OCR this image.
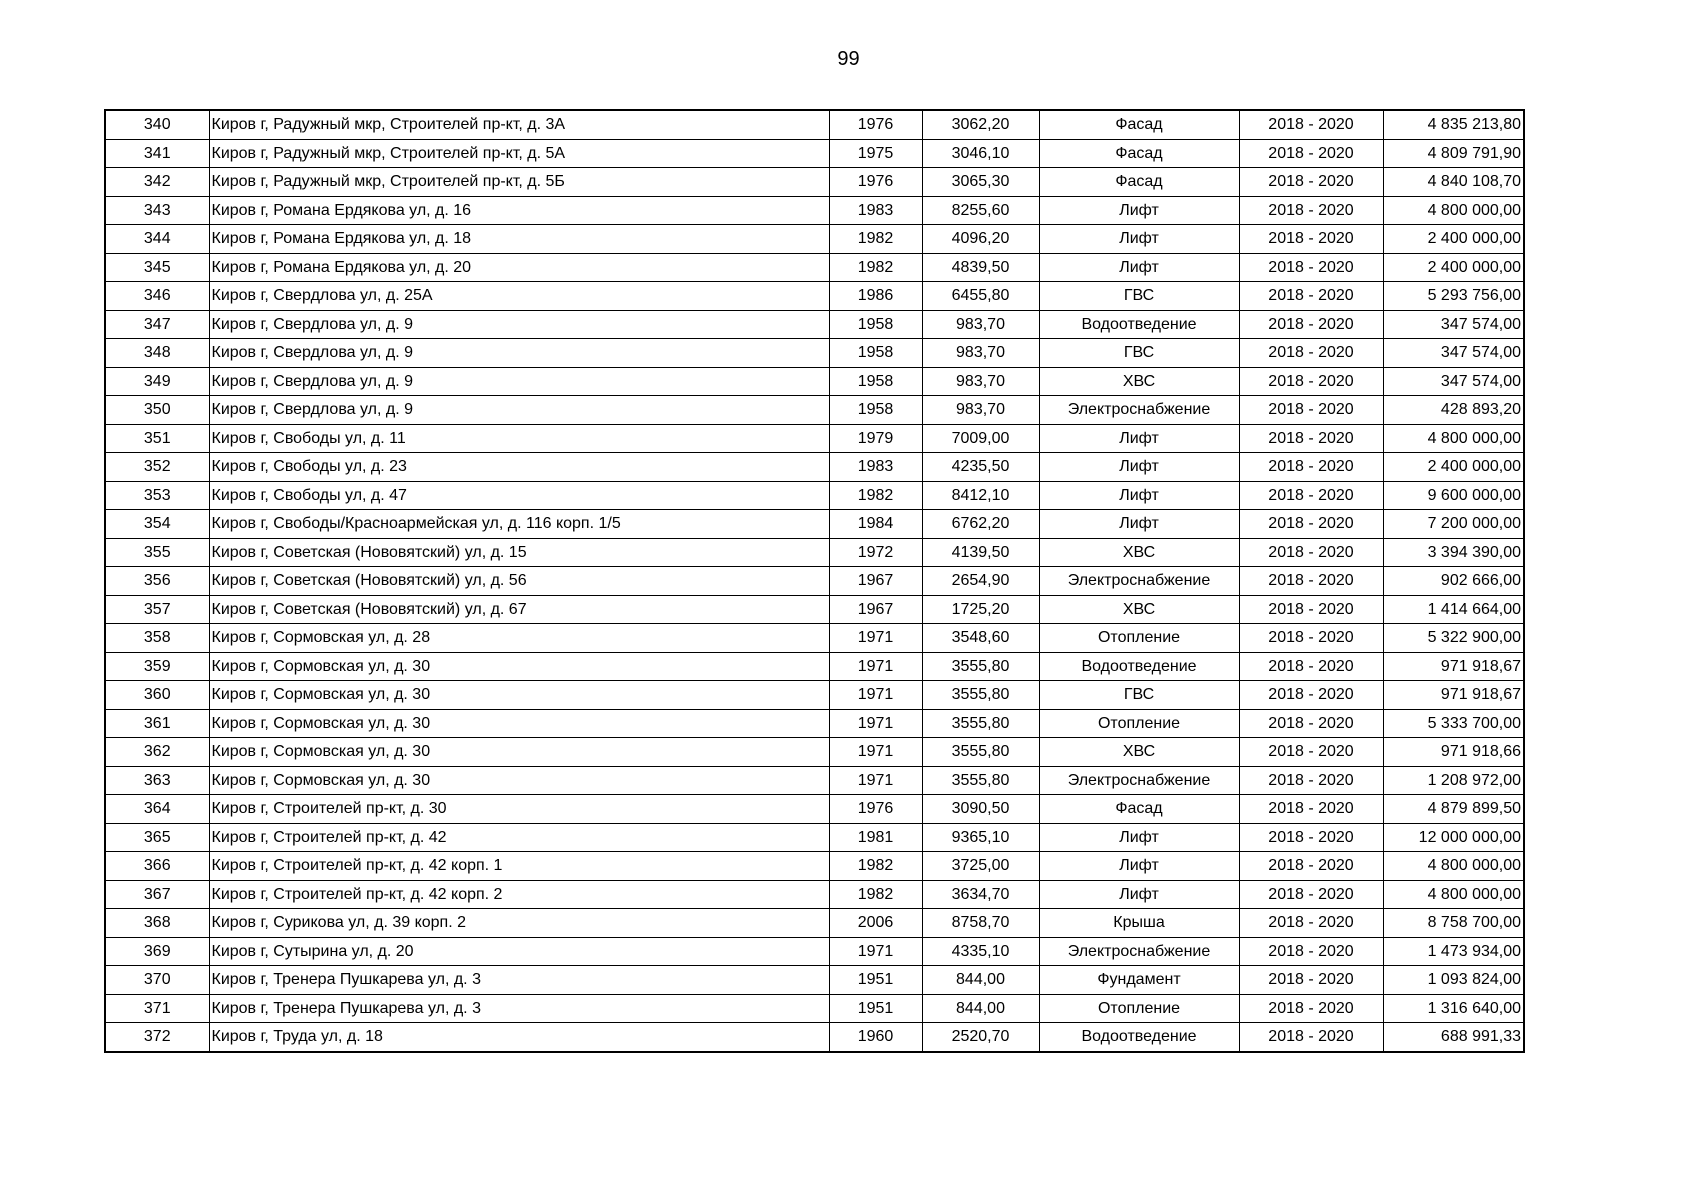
99
340	Киров г, Радужный мкр, Строителей пр-кт, д. 3А	1976	3062,20	Фасад	2018 - 2020	4 835 213,80
341	Киров г, Радужный мкр, Строителей пр-кт, д. 5А	1975	3046,10	Фасад	2018 - 2020	4 809 791,90
342	Киров г, Радужный мкр, Строителей пр-кт, д. 5Б	1976	3065,30	Фасад	2018 - 2020	4 840 108,70
343	Киров г, Романа Ердякова ул, д. 16	1983	8255,60	Лифт	2018 - 2020	4 800 000,00
344	Киров г, Романа Ердякова ул, д. 18	1982	4096,20	Лифт	2018 - 2020	2 400 000,00
345	Киров г, Романа Ердякова ул, д. 20	1982	4839,50	Лифт	2018 - 2020	2 400 000,00
346	Киров г, Свердлова ул, д. 25А	1986	6455,80	ГВС	2018 - 2020	5 293 756,00
347	Киров г, Свердлова ул, д. 9	1958	983,70	Водоотведение	2018 - 2020	347 574,00
348	Киров г, Свердлова ул, д. 9	1958	983,70	ГВС	2018 - 2020	347 574,00
349	Киров г, Свердлова ул, д. 9	1958	983,70	ХВС	2018 - 2020	347 574,00
350	Киров г, Свердлова ул, д. 9	1958	983,70	Электроснабжение	2018 - 2020	428 893,20
351	Киров г, Свободы ул, д. 11	1979	7009,00	Лифт	2018 - 2020	4 800 000,00
352	Киров г, Свободы ул, д. 23	1983	4235,50	Лифт	2018 - 2020	2 400 000,00
353	Киров г, Свободы ул, д. 47	1982	8412,10	Лифт	2018 - 2020	9 600 000,00
354	Киров г, Свободы/Красноармейская ул, д. 116 корп. 1/5	1984	6762,20	Лифт	2018 - 2020	7 200 000,00
355	Киров г, Советская (Нововятский) ул, д. 15	1972	4139,50	ХВС	2018 - 2020	3 394 390,00
356	Киров г, Советская (Нововятский) ул, д. 56	1967	2654,90	Электроснабжение	2018 - 2020	902 666,00
357	Киров г, Советская (Нововятский) ул, д. 67	1967	1725,20	ХВС	2018 - 2020	1 414 664,00
358	Киров г, Сормовская ул, д. 28	1971	3548,60	Отопление	2018 - 2020	5 322 900,00
359	Киров г, Сормовская ул, д. 30	1971	3555,80	Водоотведение	2018 - 2020	971 918,67
360	Киров г, Сормовская ул, д. 30	1971	3555,80	ГВС	2018 - 2020	971 918,67
361	Киров г, Сормовская ул, д. 30	1971	3555,80	Отопление	2018 - 2020	5 333 700,00
362	Киров г, Сормовская ул, д. 30	1971	3555,80	ХВС	2018 - 2020	971 918,66
363	Киров г, Сормовская ул, д. 30	1971	3555,80	Электроснабжение	2018 - 2020	1 208 972,00
364	Киров г, Строителей пр-кт, д. 30	1976	3090,50	Фасад	2018 - 2020	4 879 899,50
365	Киров г, Строителей пр-кт, д. 42	1981	9365,10	Лифт	2018 - 2020	12 000 000,00
366	Киров г, Строителей пр-кт, д. 42 корп. 1	1982	3725,00	Лифт	2018 - 2020	4 800 000,00
367	Киров г, Строителей пр-кт, д. 42 корп. 2	1982	3634,70	Лифт	2018 - 2020	4 800 000,00
368	Киров г, Сурикова ул, д. 39 корп. 2	2006	8758,70	Крыша	2018 - 2020	8 758 700,00
369	Киров г, Сутырина ул, д. 20	1971	4335,10	Электроснабжение	2018 - 2020	1 473 934,00
370	Киров г, Тренера Пушкарева ул, д. 3	1951	844,00	Фундамент	2018 - 2020	1 093 824,00
371	Киров г, Тренера Пушкарева ул, д. 3	1951	844,00	Отопление	2018 - 2020	1 316 640,00
372	Киров г, Труда ул, д. 18	1960	2520,70	Водоотведение	2018 - 2020	688 991,33
